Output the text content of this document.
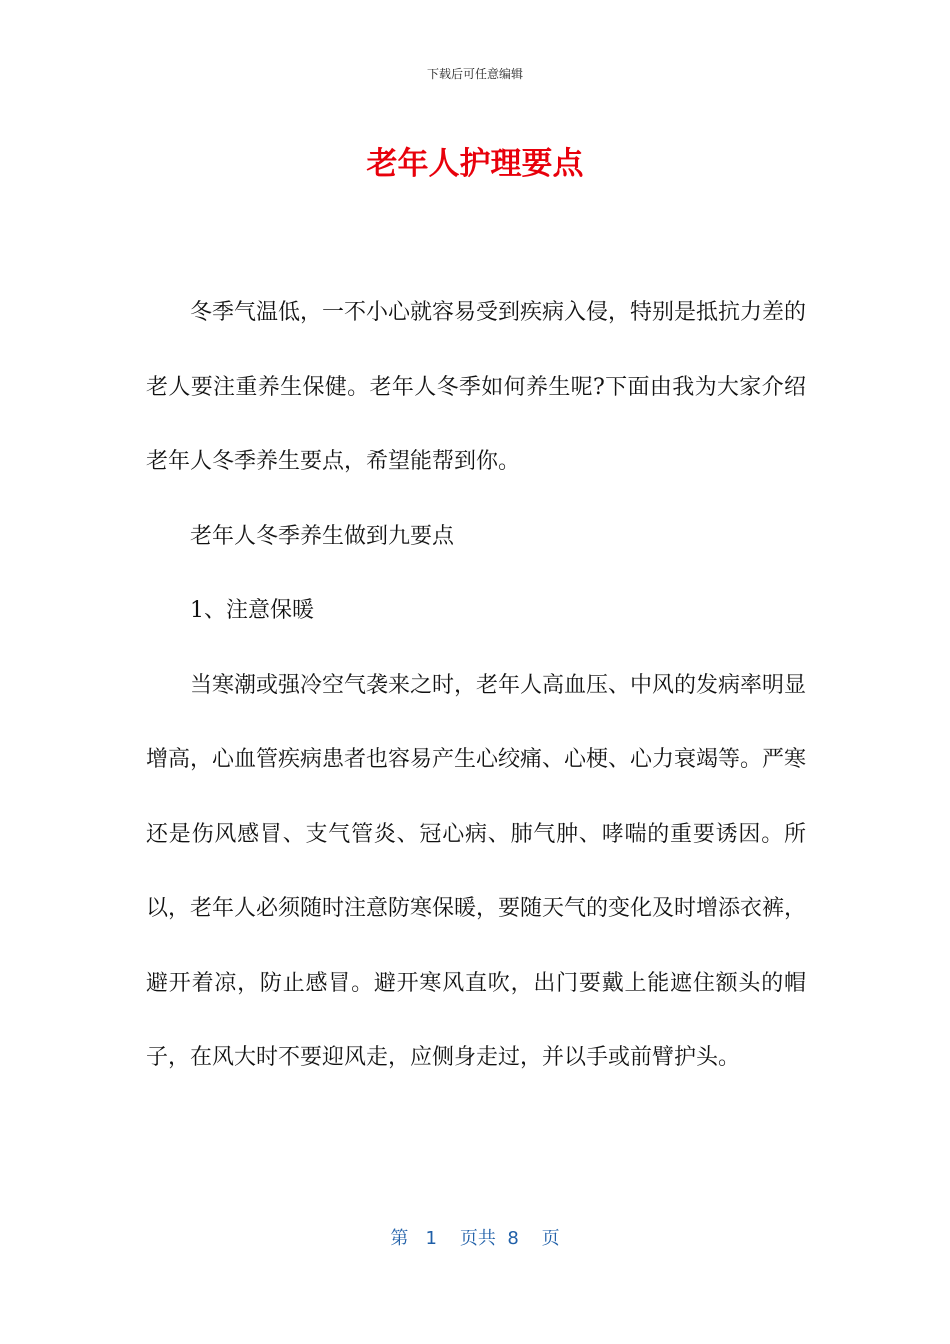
下载后可任意编辑
老年人护理要点

冬季气温低，一不小心就容易受到疾病入侵，特别是抵抗力差的老人要注重养生保健。老年人冬季如何养生呢?下面由我为大家介绍老年人冬季养生要点，希望能帮到你。

老年人冬季养生做到九要点

1、注意保暖

当寒潮或强冷空气袭来之时，老年人高血压、中风的发病率明显增高，心血管疾病患者也容易产生心绞痛、心梗、心力衰竭等。严寒还是伤风感冒、支气管炎、冠心病、肺气肿、哮喘的重要诱因。所以，老年人必须随时注意防寒保暖，要随天气的变化及时增添衣裤，避开着凉，防止感冒。避开寒风直吹，出门要戴上能遮住额头的帽子，在风大时不要迎风走，应侧身走过，并以手或前臂护头。

第 1 页共 8 页
